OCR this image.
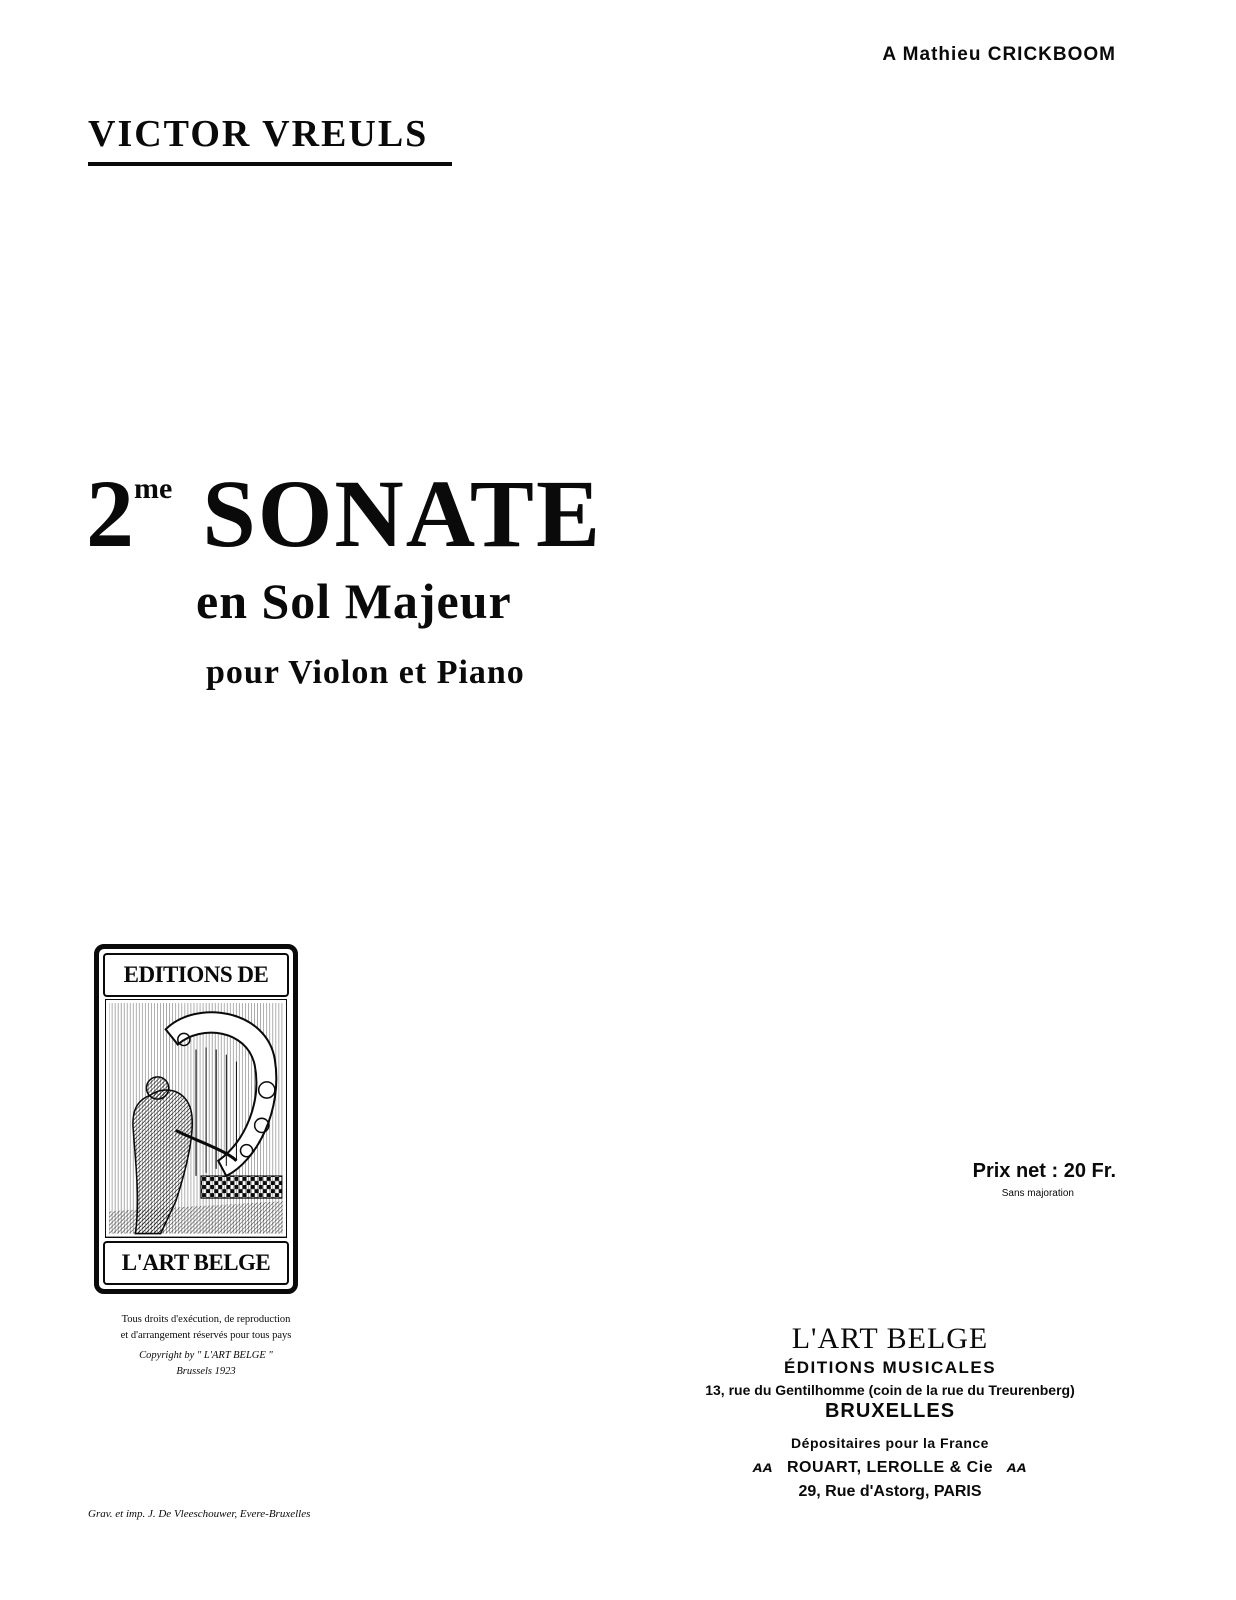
A Mathieu CRICKBOOM
VICTOR VREULS
2me SONATE
en Sol Majeur
pour Violon et Piano
EDITIONS DE
L'ART BELGE
Tous droits d'exécution, de reproduction
et d'arrangement réservés pour tous pays
Copyright by " L'ART BELGE "
Brussels 1923
Prix net : 20 Fr.
Sans majoration
L'ART BELGE
ÉDITIONS MUSICALES
13, rue du Gentilhomme (coin de la rue du Treurenberg)
BRUXELLES
Dépositaires pour la France
ᴀᴀ ROUART, LEROLLE & Cie ᴀᴀ
29, Rue d'Astorg, PARIS
Grav. et imp. J. De Vleeschouwer, Evere-Bruxelles
